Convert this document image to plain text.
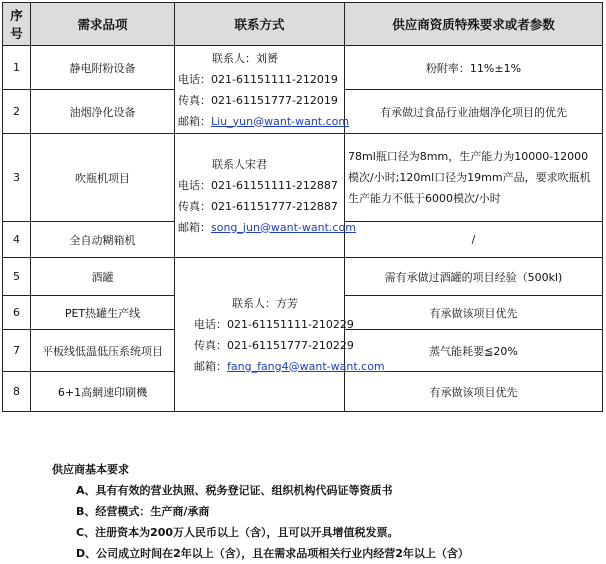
序号	需求品项	联系方式	供应商资质特殊要求或者参数
1	静电附粉设备	联系人：刘赟
电话：021-61151111-212019
传真：021-61151777-212019
邮箱：Liu_yun@want-want.com	粉附率：11%±1%
2	油烟净化设备		有承做过食品行业油烟净化项目的优先
3	吹瓶机项目	联系人宋君
电话：021-61151111-212887
传真：021-61151777-212887
邮箱：song_jun@want-want.com	78ml瓶口径为8mm，生产能力为10000-12000模次/小时;120ml口径为19mm产品，要求吹瓶机生产能力不低于6000模次/小时
4	全自动糊箱机		/
5	酒罐	联系人：方芳
电话：021-61151111-210229
传真：021-61151777-210229
邮箱：fang_fang4@want-want.com	需有承做过酒罐的项目经验（500kl)
6	PET热罐生产线		有承做该项目优先
7	平板线低温低压系统项目		蒸气能耗要≦20%
8	6+1高網速印刷機		有承做该项目优先
供应商基本要求
A、具有有效的营业执照、税务登记证、组织机构代码证等资质书
B、经营模式：生产商/承商
C、注册资本为200万人民币以上（含），且可以开具增值税发票。
D、公司成立时间在2年以上（含），且在需求品项相关行业内经营2年以上（含）
